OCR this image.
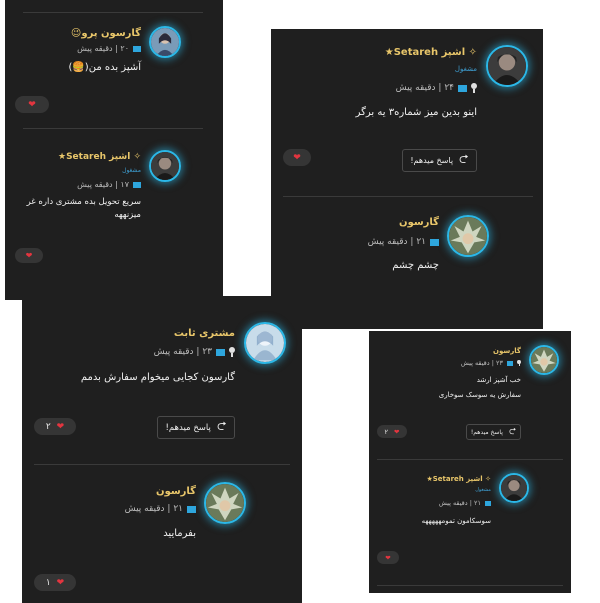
گارسون پرو😉
۲۰ | دقیقه پیش
آشپز بده من(🍔)
❤
✧ اشپز Setareh★
مشغول
۱۷ | دقیقه پیش
سریع تحویل بده مشتری داره غر میزنههه
❤
✧ اشپز Setareh★
مشغول
۲۴ | دقیقه پیش
اینو بدین میز شماره۳ یه برگر
❤	⮌
پاسخ میدهم!
گارسون
۲۱ | دقیقه پیش
چشم چشم
مشتری ثابت
۲۳ | دقیقه پیش
گارسون کجایی میخوام سفارش بدمم
❤
۲	⮌
پاسخ میدهم!
گارسون
۲۱ | دقیقه پیش
بفرمایید
❤
۱
گارسون
۲۳ | دقیقه پیش
خب آشپز ارشد
سفارش یه سوسک سوخاری
❤
۲	⮌
پاسخ میدهم!
✧ اشپز Setareh★
مشغول
۲۱ | دقیقه پیش
سوسکامون تمومهههههه
❤
